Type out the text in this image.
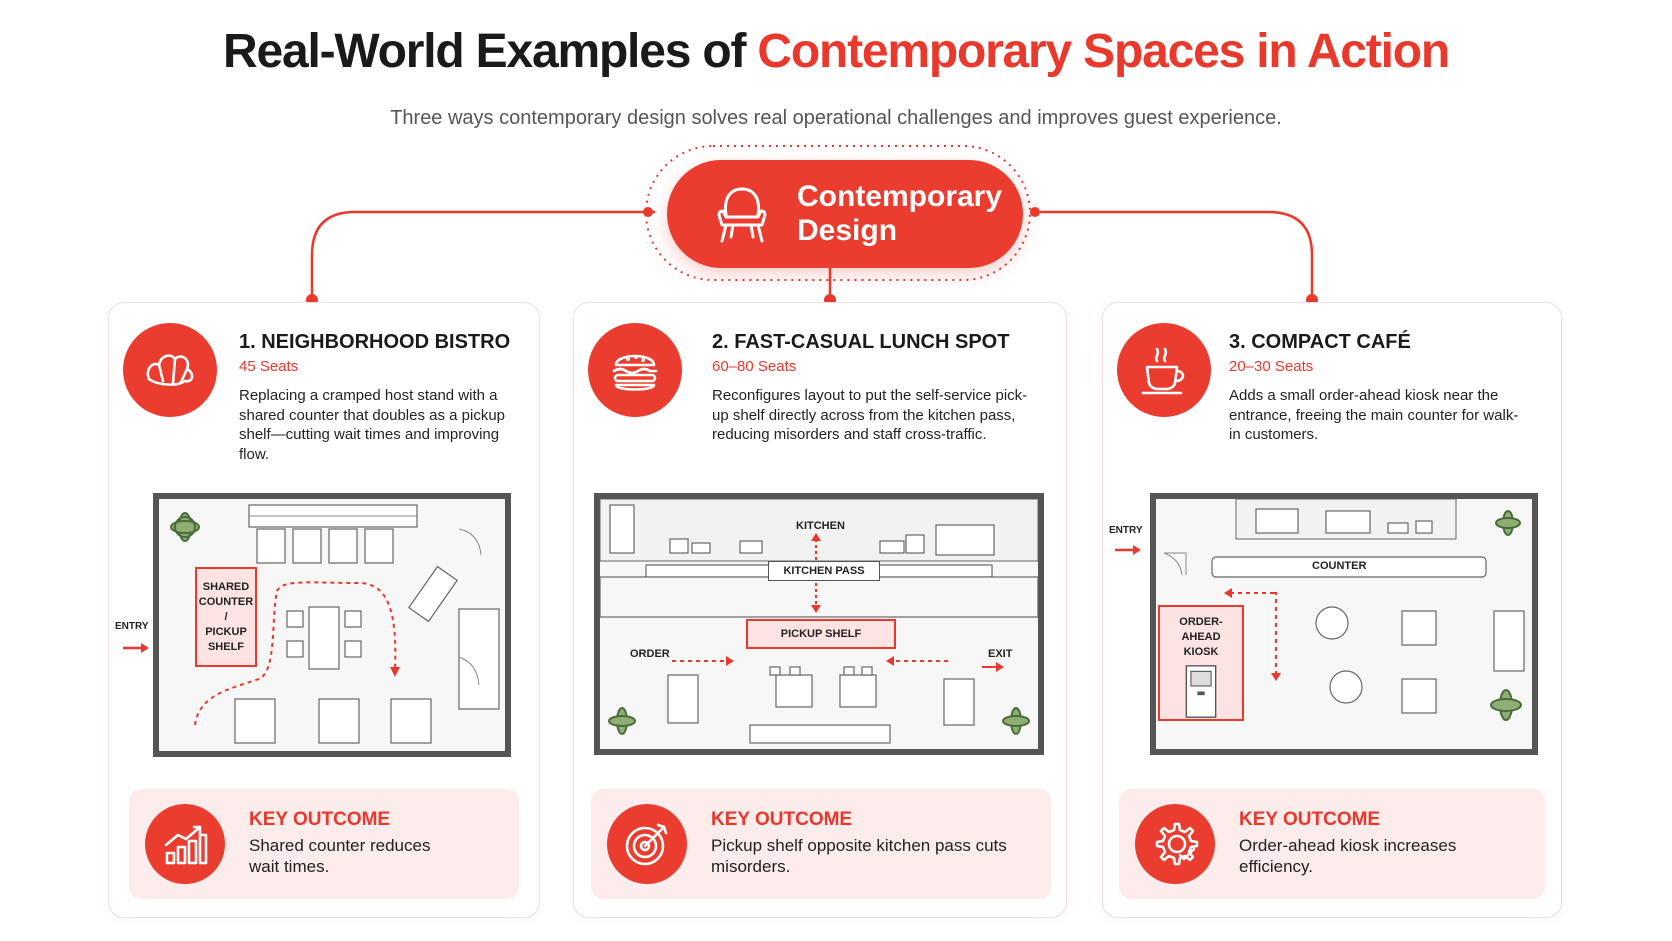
Real-World Examples of Contemporary Spaces in Action
Three ways contemporary design solves real operational challenges and improves guest experience.
Contemporary Design
1. NEIGHBORHOOD BISTRO
45 Seats
Replacing a cramped host stand with a shared counter that doubles as a pickup shelf—cutting wait times and improving flow.
SHARED
COUNTER /
PICKUP
SHELF
ENTRY
KEY OUTCOME
Shared counter reduces wait times.
2. FAST-CASUAL LUNCH SPOT
60–80 Seats
Reconfigures layout to put the self-service pick-up shelf directly across from the kitchen pass, reducing misorders and staff cross-traffic.
KITCHEN
KITCHEN PASS
PICKUP SHELF
ORDER	EXIT
KEY OUTCOME
Pickup shelf opposite kitchen pass cuts misorders.
3. COMPACT CAFÉ
20–30 Seats
Adds a small order-ahead kiosk near the entrance, freeing the main counter for walk-in customers.
COUNTER
ORDER-AHEAD
KIOSK
ENTRY
KEY OUTCOME
Order-ahead kiosk increases efficiency.
